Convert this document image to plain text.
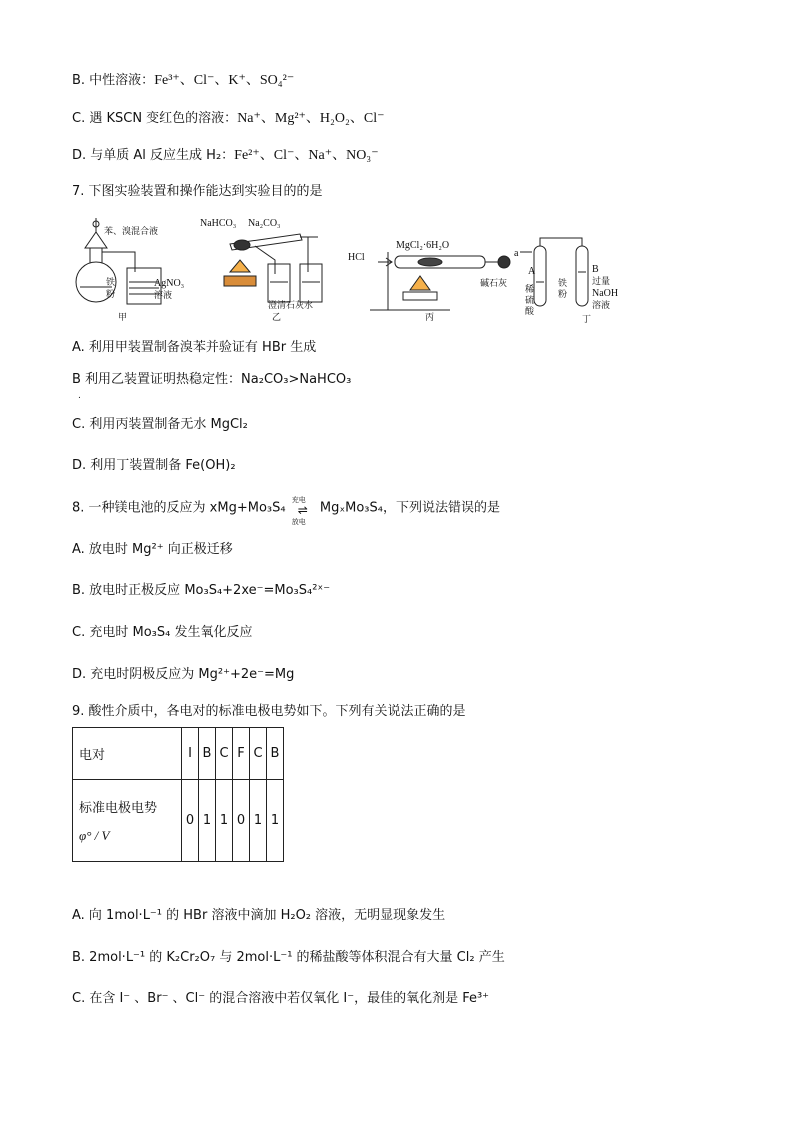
B. 中性溶液：Fe³⁺、Cl⁻、K⁺、SO₄²⁻
C. 遇 KSCN 变红色的溶液：Na⁺、Mg²⁺、H₂O₂、Cl⁻
D. 与单质 Al 反应生成 H₂：Fe²⁺、Cl⁻、Na⁺、NO₃⁻
7. 下图实验装置和操作能达到实验目的的是
苯、溴混合液
铁
粉
AgNO₃
溶液
甲
NaHCO₃ Na₂CO₃
澄清石灰水
乙
HCl
MgCl₂·6H₂O
碱石灰
丙
a
A
稀
硫
酸
铁
粉
B
过量
NaOH
溶液
丁
A. 利用甲装置制备溴苯并验证有 HBr 生成
B 利用乙装置证明热稳定性：Na₂CO₃>NaHCO₃
.
C. 利用丙装置制备无水 MgCl₂
D. 利用丁装置制备 Fe(OH)₂
8. 一种镁电池的反应为 xMg+Mo₃S₄
充电
⇌
放电
MgₓMo₃S₄，下列说法错误的是
A. 放电时 Mg²⁺ 向正极迁移
B. 放电时正极反应 Mo₃S₄+2xe⁻=Mo₃S₄²ˣ⁻
C. 充电时 Mo₃S₄ 发生氧化反应
D. 充电时阴极反应为 Mg²⁺+2e⁻=Mg
9. 酸性介质中，各电对的标准电极电势如下。下列有关说法正确的是
电对	I	B	C	F	C	B

标准电极电势
φ° / V	0	1	1	0	1	1
A. 向 1mol·L⁻¹ 的 HBr 溶液中滴加 H₂O₂ 溶液，无明显现象发生
B. 2mol·L⁻¹ 的 K₂Cr₂O₇ 与 2mol·L⁻¹ 的稀盐酸等体积混合有大量 Cl₂ 产生
C. 在含 I⁻ 、Br⁻ 、Cl⁻ 的混合溶液中若仅氧化 I⁻，最佳的氧化剂是 Fe³⁺
